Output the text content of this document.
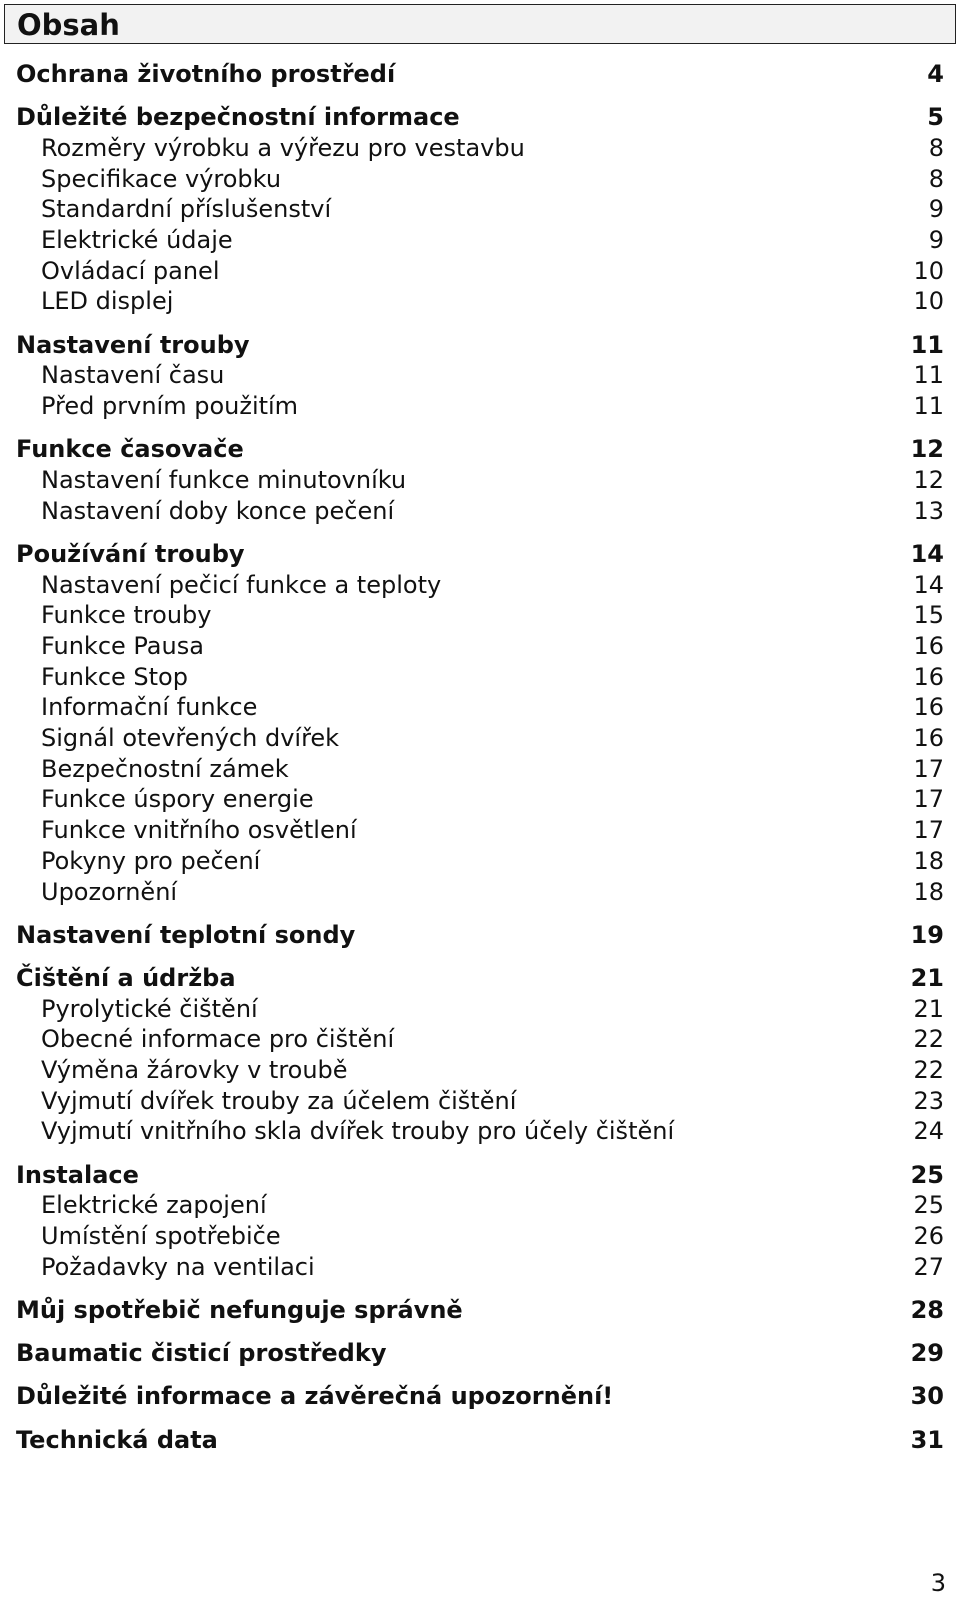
Obsah
Ochrana životního prostředí	4
Důležité bezpečnostní informace	5
Rozměry výrobku a výřezu pro vestavbu	8
Specifikace výrobku	8
Standardní příslušenství	9
Elektrické údaje	9
Ovládací panel	10
LED displej	10
Nastavení trouby	11
Nastavení času	11
Před prvním použitím	11
Funkce časovače	12
Nastavení funkce minutovníku	12
Nastavení doby konce pečení	13
Používání trouby	14
Nastavení pečicí funkce a teploty	14
Funkce trouby	15
Funkce Pausa	16
Funkce Stop	16
Informační funkce	16
Signál otevřených dvířek	16
Bezpečnostní zámek	17
Funkce úspory energie	17
Funkce vnitřního osvětlení	17
Pokyny pro pečení	18
Upozornění	18
Nastavení teplotní sondy	19
Čištění a údržba	21
Pyrolytické čištění	21
Obecné informace pro čištění	22
Výměna žárovky v troubě	22
Vyjmutí dvířek trouby za účelem čištění	23
Vyjmutí vnitřního skla dvířek trouby pro účely čištění	24
Instalace	25
Elektrické zapojení	25
Umístění spotřebiče	26
Požadavky na ventilaci	27
Můj spotřebič nefunguje správně	28
Baumatic čisticí prostředky	29
Důležité informace a závěrečná upozornění!	30
Technická data	31
3
